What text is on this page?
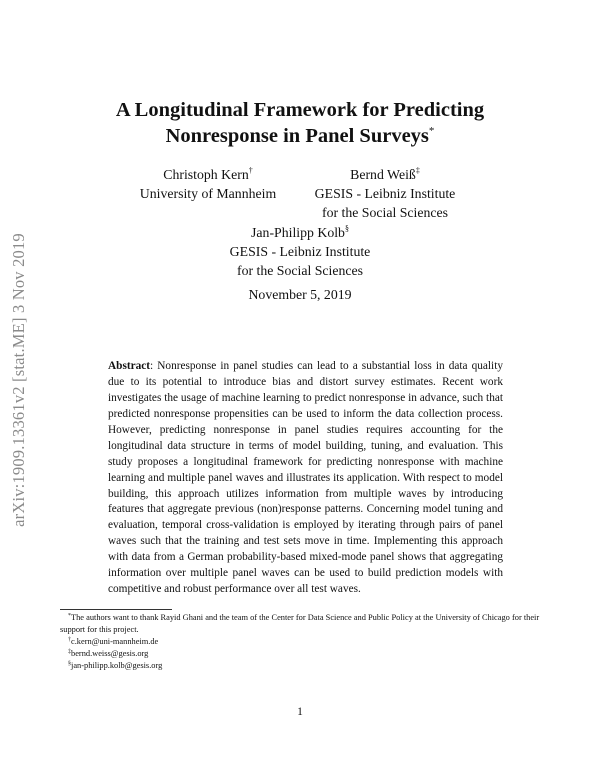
arXiv:1909.13361v2 [stat.ME] 3 Nov 2019
A Longitudinal Framework for Predicting
Nonresponse in Panel Surveys*
Christoph Kern†
University of Mannheim
Bernd Weiß‡
GESIS - Leibniz Institute
for the Social Sciences
Jan-Philipp Kolb§
GESIS - Leibniz Institute
for the Social Sciences
November 5, 2019

Abstract: Nonresponse in panel studies can lead to a substantial loss in data quality due to its potential to introduce bias and distort survey estimates. Recent work investigates the usage of machine learning to predict nonresponse in advance, such that predicted nonresponse propensities can be used to inform the data collection process. However, predicting nonresponse in panel studies requires accounting for the longitudinal data structure in terms of model building, tuning, and evaluation. This study proposes a longitudinal framework for predicting nonresponse with machine learning and multiple panel waves and illustrates its application. With respect to model building, this approach utilizes information from multiple waves by introducing features that aggregate previous (non)response patterns. Concerning model tuning and evaluation, temporal cross-validation is employed by iterating through pairs of panel waves such that the training and test sets move in time. Implementing this approach with data from a German probability-based mixed-mode panel shows that aggregating information over multiple panel waves can be used to build prediction models with competitive and robust performance over all test waves.

*The authors want to thank Rayid Ghani and the team of the Center for Data Science and Public Policy at the University of Chicago for their support for this project.
†c.kern@uni-mannheim.de
‡bernd.weiss@gesis.org
§jan-philipp.kolb@gesis.org
1
